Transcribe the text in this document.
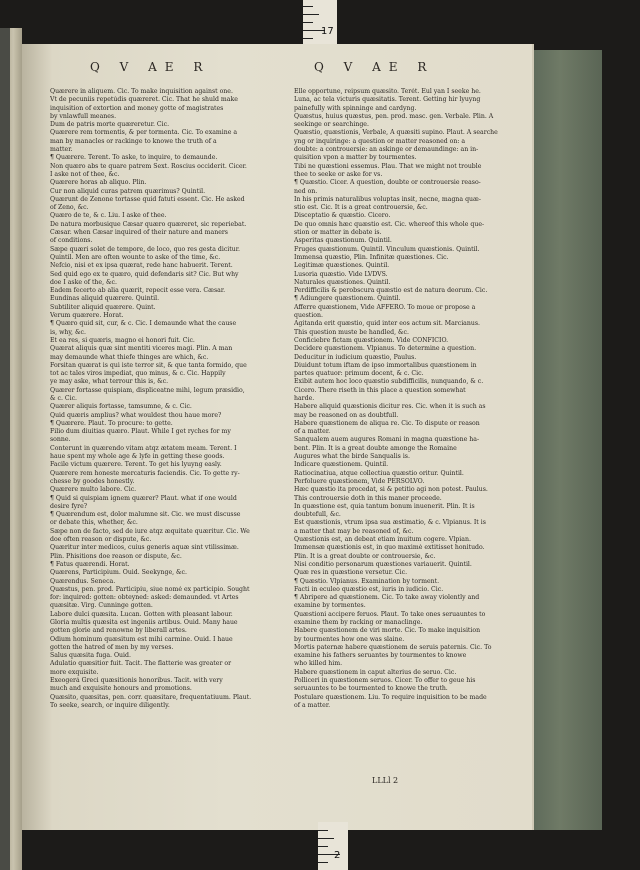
17
Q V AE R	Q V AE R
Quærere in aliquem. Cic. To make inquisition against one.
Vt de pecuniis repetúdis quæreret. Cic. That he shuld make
inquisition of extortion and money gotte of magistrates
by vnlawfull meanes.
Dum de patris morte quæreretur. Cic.
Quærere rem tormentis, & per tormenta. Cic. To examine a
man by manacles or rackinge to knowe the truth of a
matter.
¶ Quærere. Terent. To aske, to inquire, to demaunde.
Non quæro abs te quare patrem Sext. Roscius occiderit. Cicer.
I aske not of thee, &c.
Quærere horas ab aliquo. Plin.
Cur non aliquid curas patrem quærimus? Quintil.
Quærunt de Zenone tortasse quid fatuti essent. Cic. He asked
of Zeno, &c.
Quæro de te, & c. Liu. I aske of thee.
De natura morbusique Cæsar quæro quæreret, sic reperiebat.
Cæsar. when Cæsar inquired of their nature and maners
of conditions.
Sæpe quæri solet de tempore, de loco, quo res gesta dicitur.
Quintil. Men are often wounte to aske of the time, &c.
Nefcio, nisi et ex ipsa quærat, rede hanc habuerit. Terent.
Sed quid ego ex te quæro, quid defendaris sit? Cic. But why
doe I aske of the, &c.
Eadem fecerto ab alia quærit, repecit esse vera. Cæsar.
Eundinas aliquid quærere. Quintil.
Subtiliter aliquid quærere. Quint.
Verum quærere. Horat.
¶ Quæro quid sit, cur, & c. Cic. I demaunde what the cause
is, why, &c.
Et ea res, si quæris, magno ei honori fuit. Cic.
Quærat aliquis quæ sint mentiti viceres magi. Plin. A man
may demaunde what thiefe thinges are which, &c.
Forsitan quærat is qui iste terror sit, & que tanta formido, que
tot ac tales viros impediat, quo minus, & c. Cic. Happily
ye may aske, what terrour this is, &c.
Quærer fortasse quispiam, displiceatne mihi, legum præsidio,
& c. Cic.
Quærer aliquis fortasse, tamsumne, & c. Cic.
Quid quæris amplius? what wouldest thou haue more?
¶ Quærere. Plaut. To procure: to gette.
Filio dum diuitias quæro. Plaut. While I get ryches for my
sonne.
Conterunt in quærendo vitam atqz ætatem meam. Terent. I
haue spent my whole age & lyfe in getting these goods.
Facile victum quærere. Terent. To get his lyuyng easly.
Quærere rem honeste mercaturis faciendis. Cic. To gette ry-
chesse by goodes honestly.
Quærere multo labore. Cic.
¶ Quid si quispiam ignem quærer? Plaut. what if one would
desire fyre?
¶ Quærendum est, dolor malumne sit. Cic. we must discusse
or debate this, whether, &c.
Sæpe non de facto, sed de iure atqz æquitate quæritur. Cic. We
doe often reason or dispute, &c.
Quæritur inter medicos, cuius generis aquæ sint vtilissimæ.
Plin. Phisitions doe reason or dispute, &c.
¶ Fatus quærendi. Horat.
Quærens, Participium. Ouid. Seekynge, &c.
Quærendus. Seneca.
Quæstus, pen. prod. Participiu, siue nomé ex participio. Sought
for: inquired: gotten: obteyned: asked: demaunded. vt Artes
quæsitæ. Virg. Cunninge gotten.
Labore dulci quæsita. Lucan. Gotten with pleasant labour.
Gloria multis quæsita est ingeniis artibus. Ouid. Many haue
gotten glorie and renowne by liberall artes.
Odium hominum quæsitum est mihi carmine. Ouid. I haue
gotten the hatred of men by my verses.
Salus quæsita fuga. Ouid.
Adulatio quæsitior fuit. Tacit. The flatterie was greater or
more exquisite.
Exeogerá Greci quæsitionis honoribus. Tacit. with very
much and exquisite honours and promotions.
Quæsito, quæsitas, pen. corr. quæsitare, frequentatiuum. Plaut.
To seeke, search, or inquire diligently.
Elle opportune, reipsum quæsito. Terét. Eul yan I seeke he.
Luna, ac tela victuris quæsitatis. Terent. Getting hir lyuyng
painefully with spinninge and cardyng.
Quæstus, huius quæstus, pen. prod. masc. gen. Verbale. Plin. A
seekinge or searchinge.
Quæstio, quæstionis, Verbale, A quæsiti supino. Plaut. A searche
yng or inquiringe: a question or matter reasoned on: a
doubte: a controuersie: an askinge or demaundinge: an in-
quisition vpon a matter by tourmentes.
Tibi ne quæstioni essemus. Plau. That we might not trouble
thee to seeke or aske for vs.
¶ Quæstio. Cicer. A question, doubte or controuersie reaso-
ned on.
In his primis naturalibus voluptas insit, necne, magna quæ-
stio est. Cic. It is a great controuersie, &c.
Disceptatio & quæstio. Cicero.
De quo omnis hæc quæstio est. Cic. whereof this whole que-
stion or matter in debate is.
Asperitas quæstionum. Quintil.
Fruges quæstionum. Quintil. Vinculum quæstionis. Quintil.
Immensa quæstio, Plin. Infinitæ quæstiones. Cic.
Legitimæ quæstiones. Quintil.
Lusoria quæstio. Vide LVDVS.
Naturales quæstiones. Quintil.
Perdifficilis & perobscura quæstio est de natura deorum. Cic.
¶ Adiungere quæstionem. Quintil.
Afferre quæstionem, Vide AFFERO. To moue or propose a
question.
Agitanda erit quæstio, quid inter eos actum sit. Marcianus.
This question muste be handled, &c.
Conficiebre fictam quæstionem. Vide CONFICIO.
Decidere quæstionem. Vlpianus. To determine a question.
Deducitur in iudicium quæstio, Paulus.
Diuidunt totum iftam de ipso immortalibus quæstionem in
partes quatuor: primum docent, & c. Cic.
Exibit autem hoc loco quæstio subdifficilis, nunquando, & c.
Cicero. There riseth in this place a question somewhat
harde.
Habere aliquid quæstionis dicitur res. Cic. when it is such as
may be reasoned on as doubtfull.
Habere quæstionem de aliqua re. Cic. To dispute or reason
of a matter.
Sanqualem auem augures Romani in magna quæstione ha-
bent. Plin. It is a great doubte amonge the Romaine
Augures what the birde Sanqualis is.
Indicare quæstionem. Quintil.
Ratiocinatiua, atque collectiua quæstio oritur. Quintil.
Perfoluere quæstionem, Vide PERSOLVO.
Hæc quæstio ita procedat, si & petitio agi non potest. Paulus.
This controuersie doth in this maner proceede.
In quæstione est, quia tantum bonum inuenerit. Plin. It is
doubtefull, &c.
Est quæstionis, vtrum ipsa sua æstimatio, & c. Vlpianus. It is
a matter that may be reasoned of, &c.
Quæstionis est, an debeat etiam inuitum cogere. Vlpian.
Immensæ quæstionis est, in quo maximè extitisset honitudo.
Plin. It is a great doubte or controuersie, &c.
Nisi conditio personarum quæstiones variauerit. Quintil.
Quæ res in quæstione versetur. Cic.
¶ Quæstio. Vlpianus. Examination by torment.
Facti in eculeo quæstio est, iuris in iudicio. Cic.
¶ Abripere ad quæstionem. Cic. To take away violently and
examine by tormentes.
Quæstioni accipere feruos. Plaut. To take ones seruauntes to
examine them by racking or manaclinge.
Habere quæstionem de viri morte. Cic. To make inquisition
by tourmentes how one was slaine.
Mortis paternæ habere quæstionem de seruis paternis. Cic. To
examine his fathers seruantes by tourmentes to knowe
who killed him.
Habere quæstionem in caput alterius de seruo. Cic.
Polliceri in quæstionem seruos. Cicer. To offer to geue his
seruauntes to be tourmented to knowe the truth.
Postulare quæstionem. Liu. To require inquisition to be made
of a matter.
LLLl 2
2
